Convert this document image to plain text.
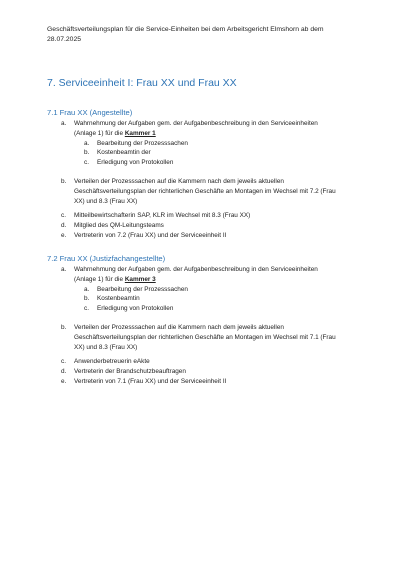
Geschäftsverteilungsplan für die Service-Einheiten bei dem Arbeitsgericht Elmshorn ab dem
28.07.2025
7. Serviceeinheit I: Frau XX und Frau XX
7.1 Frau XX (Angestellte)
a. Wahrnehmung der Aufgaben gem. der Aufgabenbeschreibung in den Serviceeinheiten
(Anlage 1) für die Kammer 1
a. Bearbeitung der Prozesssachen
b. Kostenbeamtin der
c. Erledigung von Protokollen
b. Verteilen der Prozesssachen auf die Kammern nach dem jeweils aktuellen
Geschäftsverteilungsplan der richterlichen Geschäfte an Montagen im Wechsel mit 7.2 (Frau
XX) und 8.3 (Frau XX)
c. Mitteilbewirtschafterin SAP, KLR im Wechsel mit 8.3 (Frau XX)
d. Mitglied des QM-Leitungsteams
e. Vertreterin von 7.2 (Frau XX) und der Serviceeinheit II
7.2 Frau XX (Justizfachangestellte)
a. Wahrnehmung der Aufgaben gem. der Aufgabenbeschreibung in den Serviceeinheiten
(Anlage 1) für die Kammer 3
a. Bearbeitung der Prozesssachen
b. Kostenbeamtin
c. Erledigung von Protokollen
b. Verteilen der Prozesssachen auf die Kammern nach dem jeweils aktuellen
Geschäftsverteilungsplan der richterlichen Geschäfte an Montagen im Wechsel mit 7.1 (Frau
XX) und 8.3 (Frau XX)
c. Anwenderbetreuerin eAkte
d. Vertreterin der Brandschutzbeauftragen
e. Vertreterin von 7.1 (Frau XX) und der Serviceeinheit II
